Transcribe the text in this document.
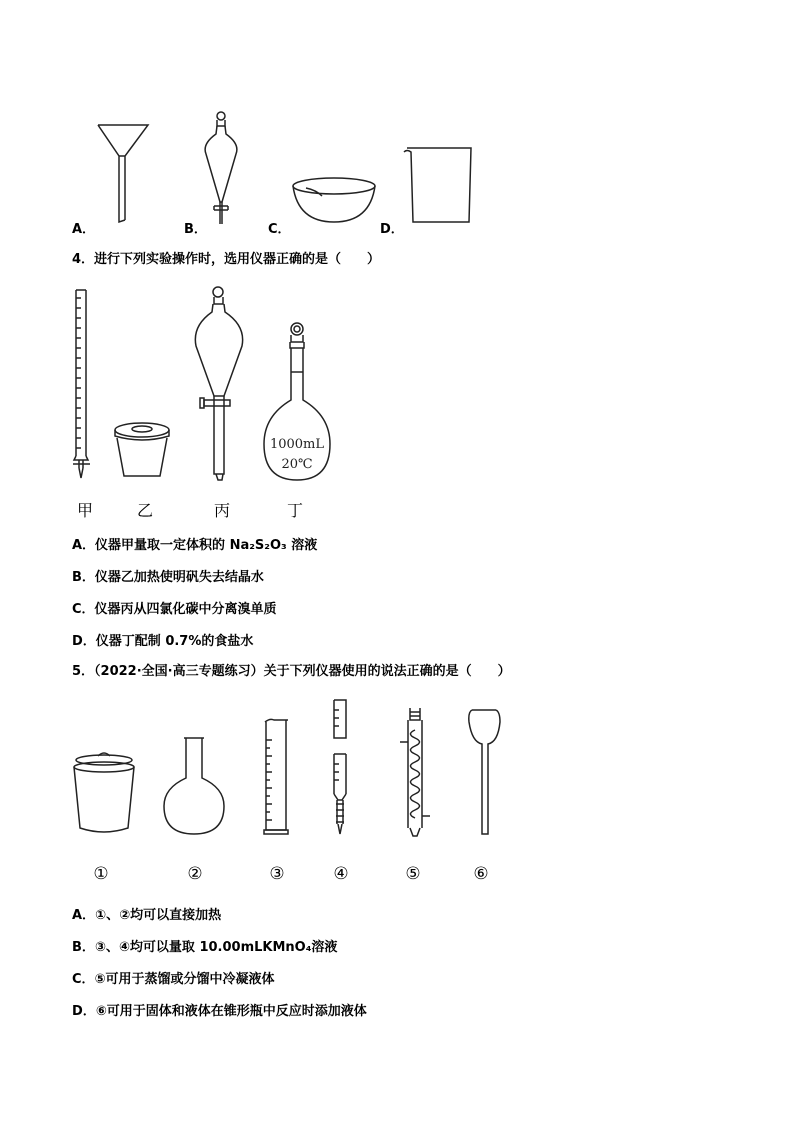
A．	B．	C．	D．
4．进行下列实验操作时，选用仪器正确的是（　　）
1000mL
20℃
甲	乙	丙	丁
A．仪器甲量取一定体积的 Na₂S₂O₃ 溶液
B．仪器乙加热使明矾失去结晶水
C．仪器丙从四氯化碳中分离溴单质
D．仪器丁配制 0.7%的食盐水
5．（2022·全国·高三专题练习）关于下列仪器使用的说法正确的是（　　）
①	②	③	④	⑤	⑥
A．①、②均可以直接加热
B．③、④均可以量取 10.00mLKMnO₄溶液
C．⑤可用于蒸馏或分馏中冷凝液体
D．⑥可用于固体和液体在锥形瓶中反应时添加液体
